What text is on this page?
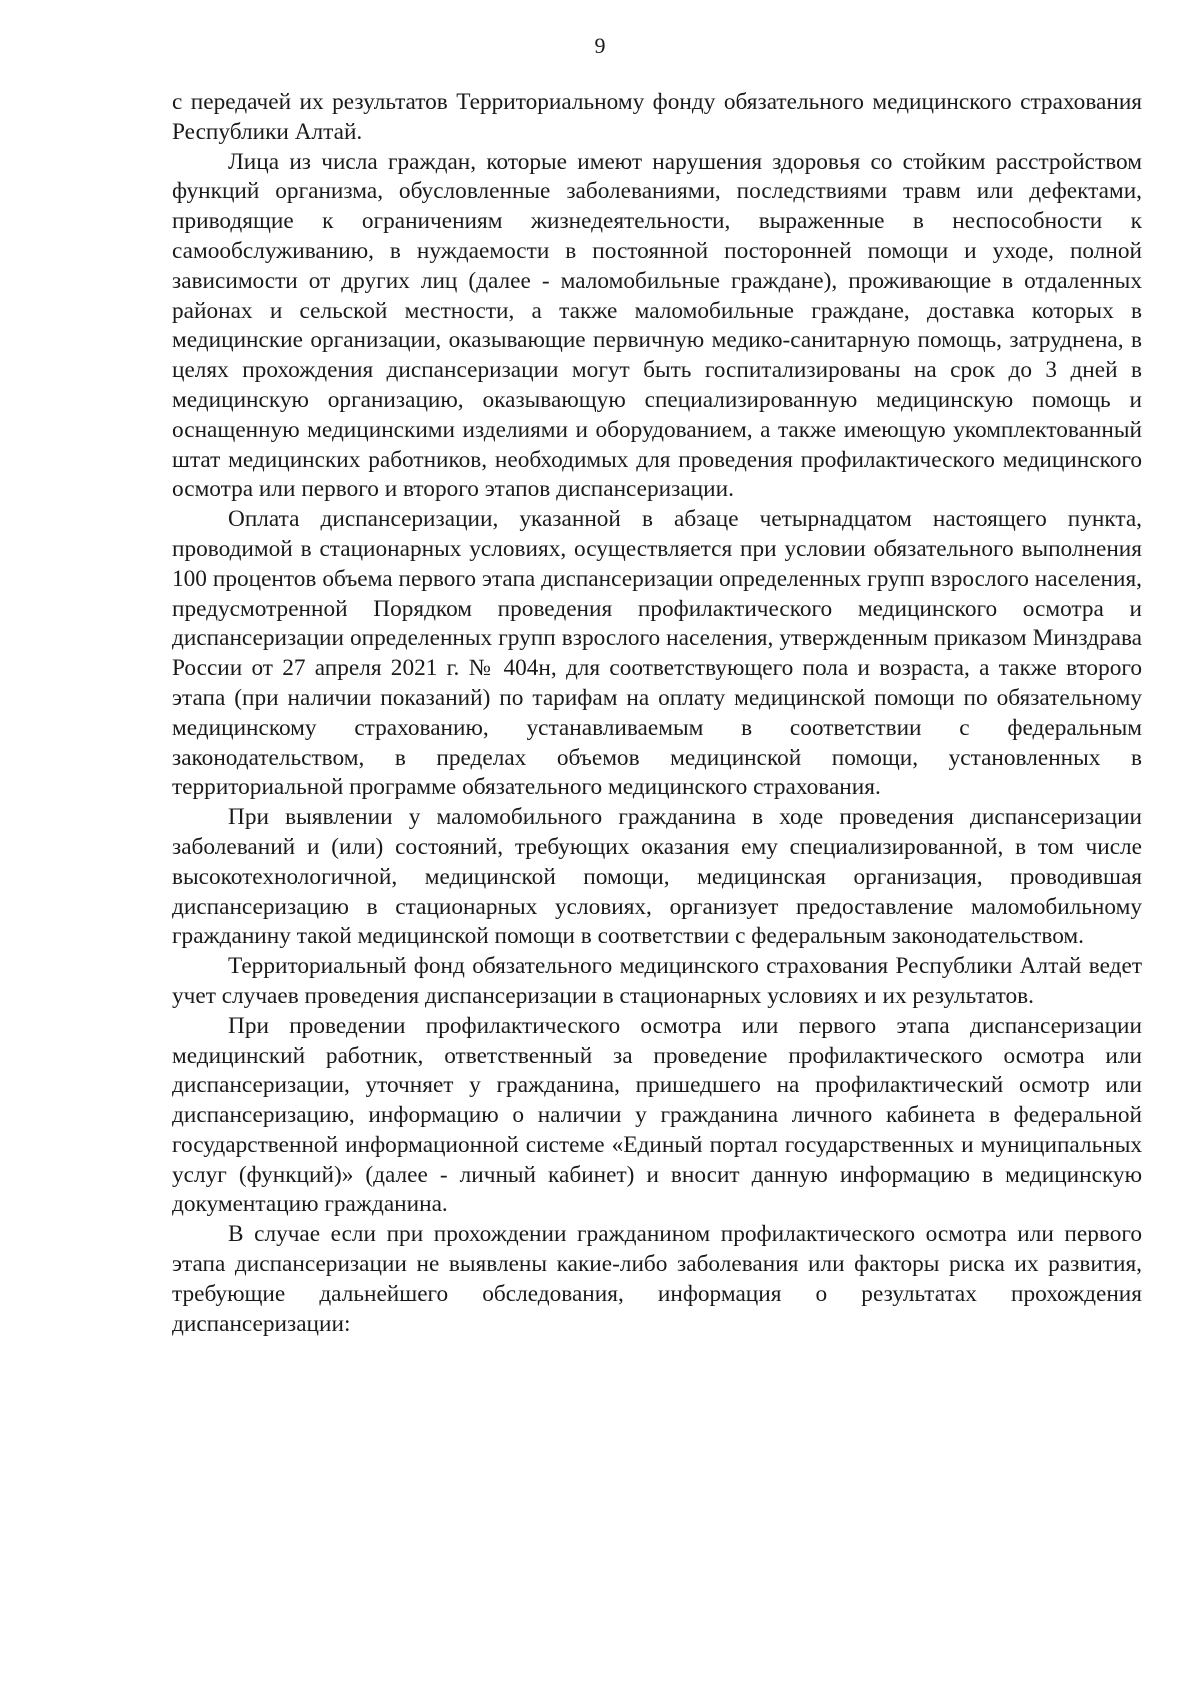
9

с передачей их результатов Территориальному фонду обязательного медицинского страхования Республики Алтай.

Лица из числа граждан, которые имеют нарушения здоровья со стойким расстройством функций организма, обусловленные заболеваниями, последствиями травм или дефектами, приводящие к ограничениям жизнедеятельности, выраженные в неспособности к самообслуживанию, в нуждаемости в постоянной посторонней помощи и уходе, полной зависимости от других лиц (далее - маломобильные граждане), проживающие в отдаленных районах и сельской местности, а также маломобильные граждане, доставка которых в медицинские организации, оказывающие первичную медико-санитарную помощь, затруднена, в целях прохождения диспансеризации могут быть госпитализированы на срок до 3 дней в медицинскую организацию, оказывающую специализированную медицинскую помощь и оснащенную медицинскими изделиями и оборудованием, а также имеющую укомплектованный штат медицинских работников, необходимых для проведения профилактического медицинского осмотра или первого и второго этапов диспансеризации.

Оплата диспансеризации, указанной в абзаце четырнадцатом настоящего пункта, проводимой в стационарных условиях, осуществляется при условии обязательного выполнения 100 процентов объема первого этапа диспансеризации определенных групп взрослого населения, предусмотренной Порядком проведения профилактического медицинского осмотра и диспансеризации определенных групп взрослого населения, утвержденным приказом Минздрава России от 27 апреля 2021 г. № 404н, для соответствующего пола и возраста, а также второго этапа (при наличии показаний) по тарифам на оплату медицинской помощи по обязательному медицинскому страхованию, устанавливаемым в соответствии с федеральным законодательством, в пределах объемов медицинской помощи, установленных в территориальной программе обязательного медицинского страхования.

При выявлении у маломобильного гражданина в ходе проведения диспансеризации заболеваний и (или) состояний, требующих оказания ему специализированной, в том числе высокотехнологичной, медицинской помощи, медицинская организация, проводившая диспансеризацию в стационарных условиях, организует предоставление маломобильному гражданину такой медицинской помощи в соответствии с федеральным законодательством.

Территориальный фонд обязательного медицинского страхования Республики Алтай ведет учет случаев проведения диспансеризации в стационарных условиях и их результатов.

При проведении профилактического осмотра или первого этапа диспансеризации медицинский работник, ответственный за проведение профилактического осмотра или диспансеризации, уточняет у гражданина, пришедшего на профилактический осмотр или диспансеризацию, информацию о наличии у гражданина личного кабинета в федеральной государственной информационной системе «Единый портал государственных и муниципальных услуг (функций)» (далее - личный кабинет) и вносит данную информацию в медицинскую документацию гражданина.

В случае если при прохождении гражданином профилактического осмотра или первого этапа диспансеризации не выявлены какие-либо заболевания или факторы риска их развития, требующие дальнейшего обследования, информация о результатах прохождения диспансеризации:
